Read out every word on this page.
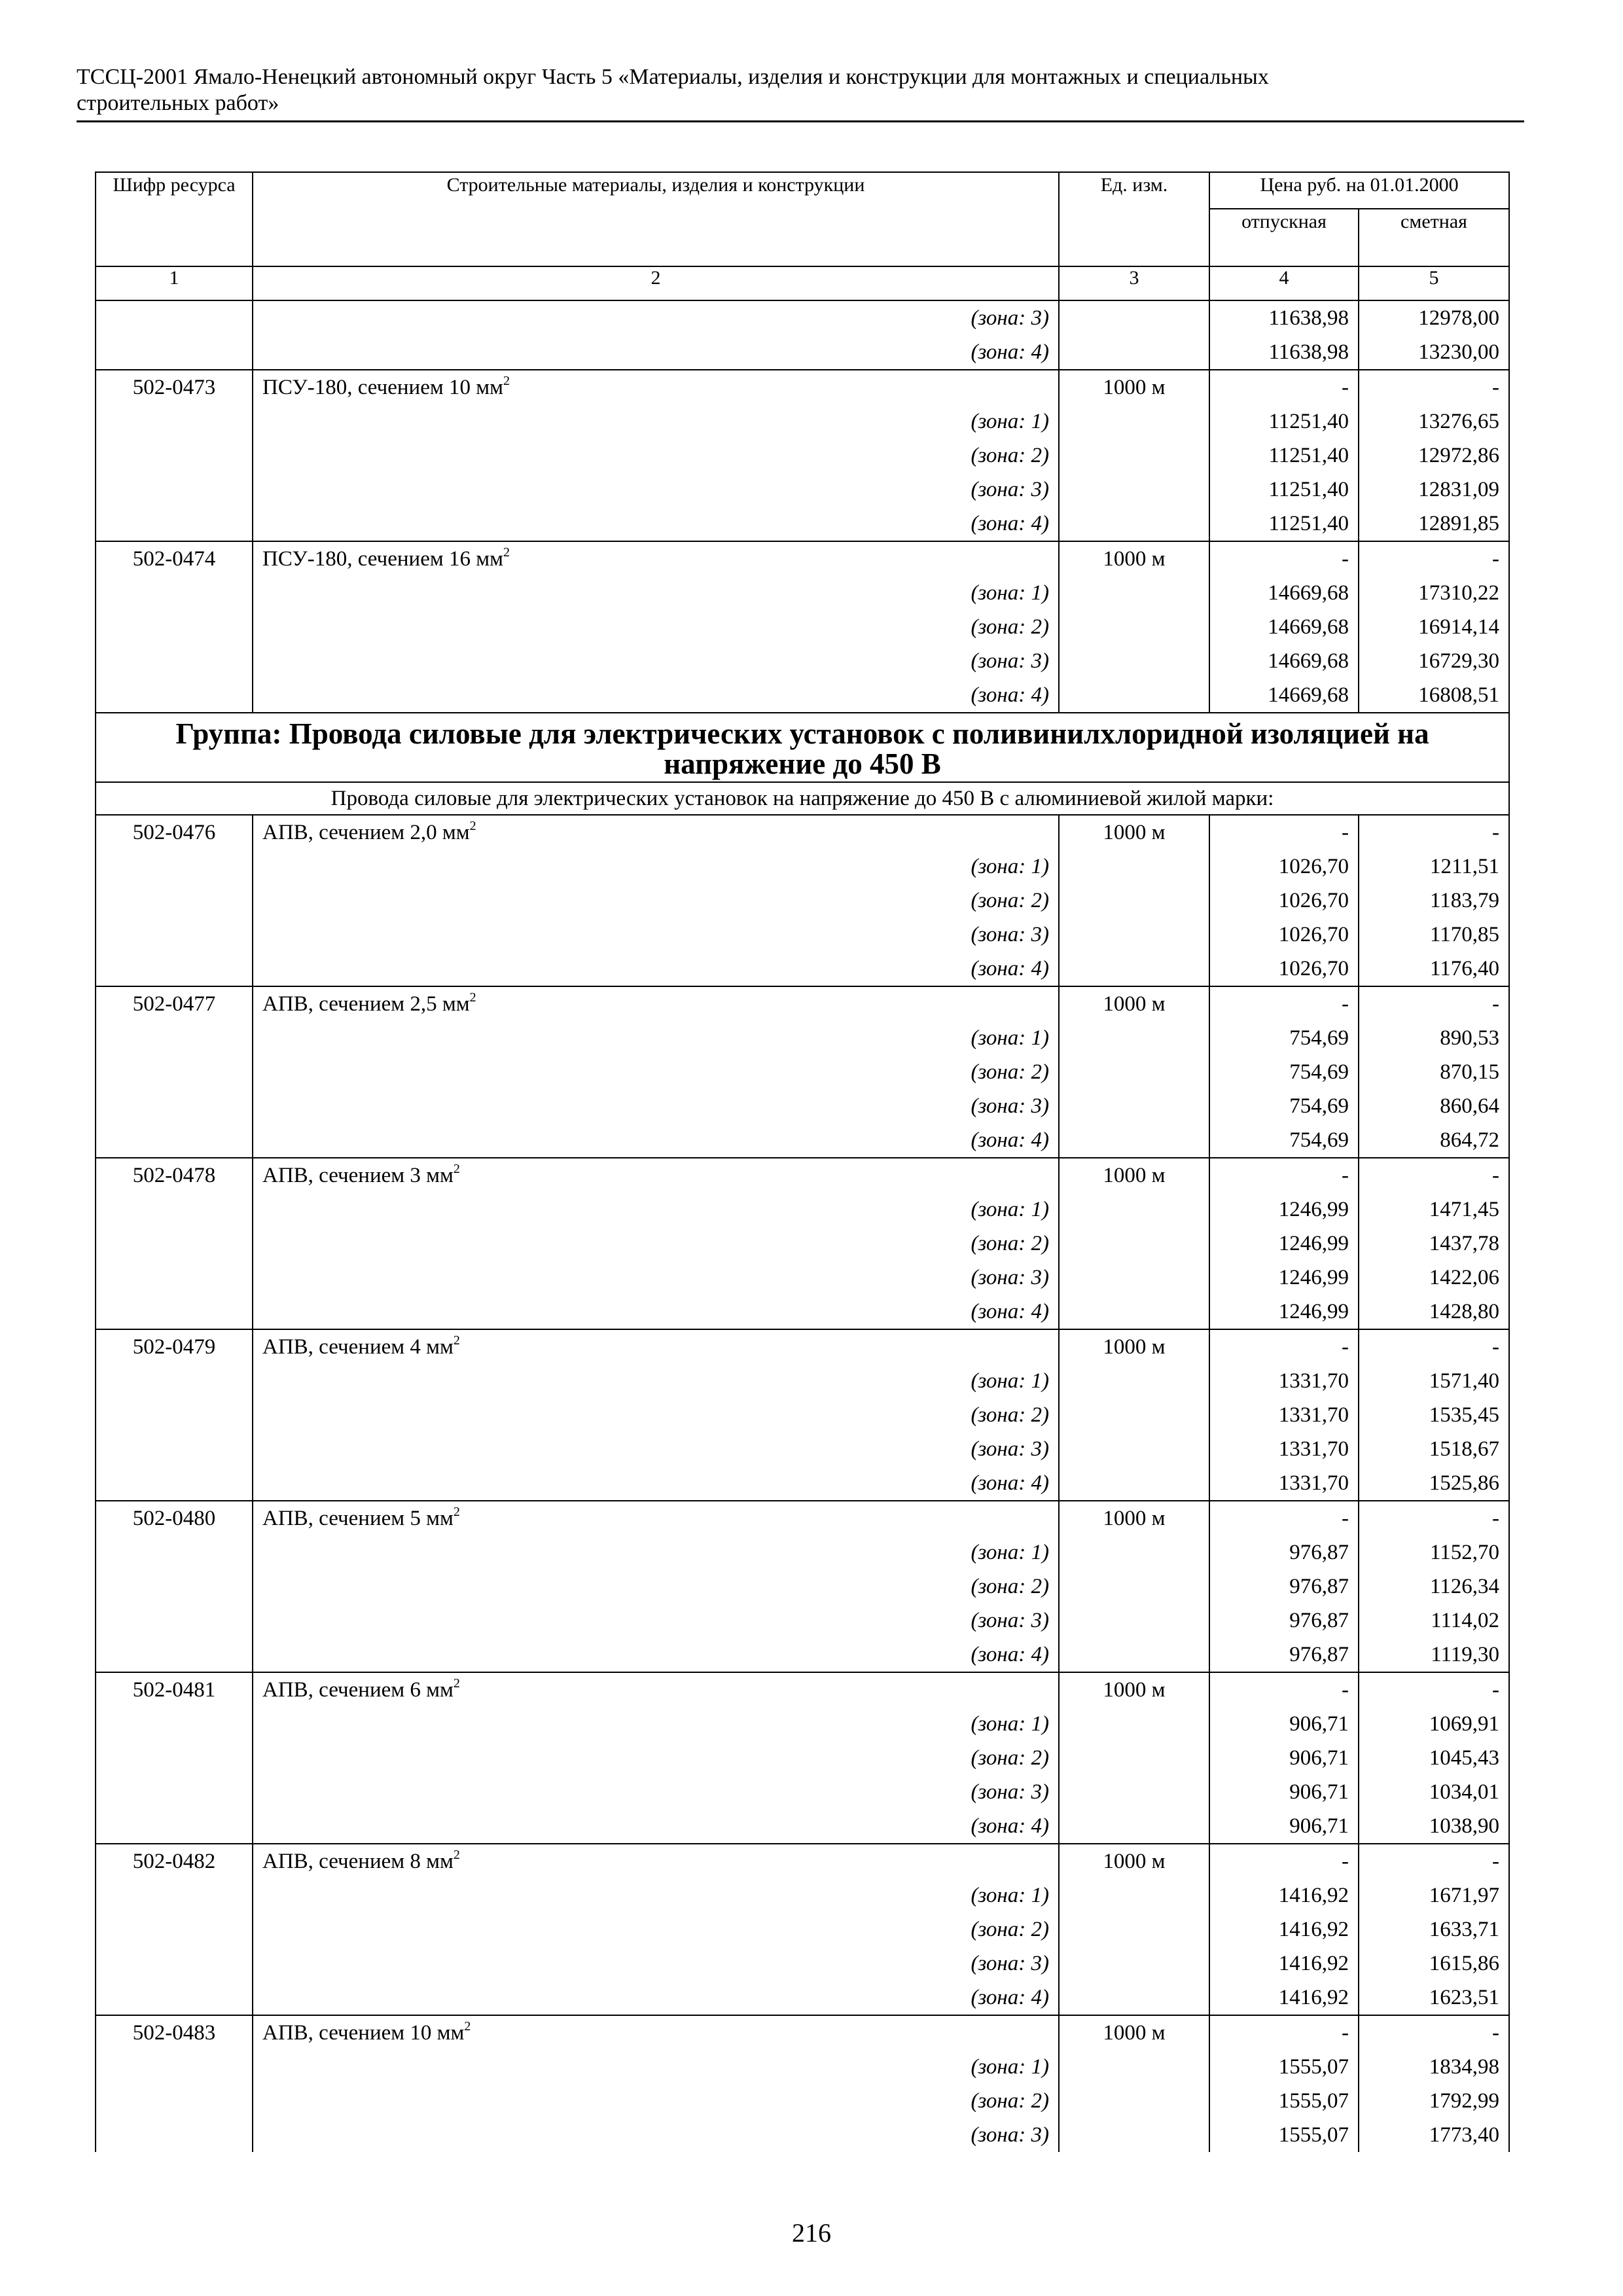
ТССЦ-2001 Ямало-Ненецкий автономный округ Часть 5 «Материалы, изделия и конструкции для монтажных и специальных
строительных работ»
Шифр ресурса	Строительные материалы, изделия и конструкции	Ед. изм.	Цена руб. на 01.01.2000	
			отпускная	сметная
1	2	3	4	5
	(зона: 3)		11638,98	12978,00
	(зона: 4)		11638,98	13230,00
502-0473	ПСУ-180, сечением 10 $мм^2$	1000 м	-	-
	(зона: 1)		11251,40	13276,65
	(зона: 2)		11251,40	12972,86
	(зона: 3)		11251,40	12831,09
	(зона: 4)		11251,40	12891,85
502-0474	ПСУ-180, сечением 16 $мм^2$	1000 м	-	-
	(зона: 1)		14669,68	17310,22
	(зона: 2)		14669,68	16914,14
	(зона: 3)		14669,68	16729,30
	(зона: 4)		14669,68	16808,51
Группа: Провода силовые для электрических установок с поливинилхлоридной изоляцией на напряжение до 450 В				
Провода силовые для электрических установок на напряжение до 450 В с алюминиевой жилой марки:				
502-0476	АПВ, сечением 2,0 $мм^2$	1000 м	-	-
	(зона: 1)		1026,70	1211,51
	(зона: 2)		1026,70	1183,79
	(зона: 3)		1026,70	1170,85
	(зона: 4)		1026,70	1176,40
502-0477	АПВ, сечением 2,5 $мм^2$	1000 м	-	-
	(зона: 1)		754,69	890,53
	(зона: 2)		754,69	870,15
	(зона: 3)		754,69	860,64
	(зона: 4)		754,69	864,72
502-0478	АПВ, сечением 3 $мм^2$	1000 м	-	-
	(зона: 1)		1246,99	1471,45
	(зона: 2)		1246,99	1437,78
	(зона: 3)		1246,99	1422,06
	(зона: 4)		1246,99	1428,80
502-0479	АПВ, сечением 4 $мм^2$	1000 м	-	-
	(зона: 1)		1331,70	1571,40
	(зона: 2)		1331,70	1535,45
	(зона: 3)		1331,70	1518,67
	(зона: 4)		1331,70	1525,86
502-0480	АПВ, сечением 5 $мм^2$	1000 м	-	-
	(зона: 1)		976,87	1152,70
	(зона: 2)		976,87	1126,34
	(зона: 3)		976,87	1114,02
	(зона: 4)		976,87	1119,30
502-0481	АПВ, сечением 6 $мм^2$	1000 м	-	-
	(зона: 1)		906,71	1069,91
	(зона: 2)		906,71	1045,43
	(зона: 3)		906,71	1034,01
	(зона: 4)		906,71	1038,90
502-0482	АПВ, сечением 8 $мм^2$	1000 м	-	-
	(зона: 1)		1416,92	1671,97
	(зона: 2)		1416,92	1633,71
	(зона: 3)		1416,92	1615,86
	(зона: 4)		1416,92	1623,51
502-0483	АПВ, сечением 10 $мм^2$	1000 м	-	-
	(зона: 1)		1555,07	1834,98
	(зона: 2)		1555,07	1792,99
	(зона: 3)		1555,07	1773,40
216
